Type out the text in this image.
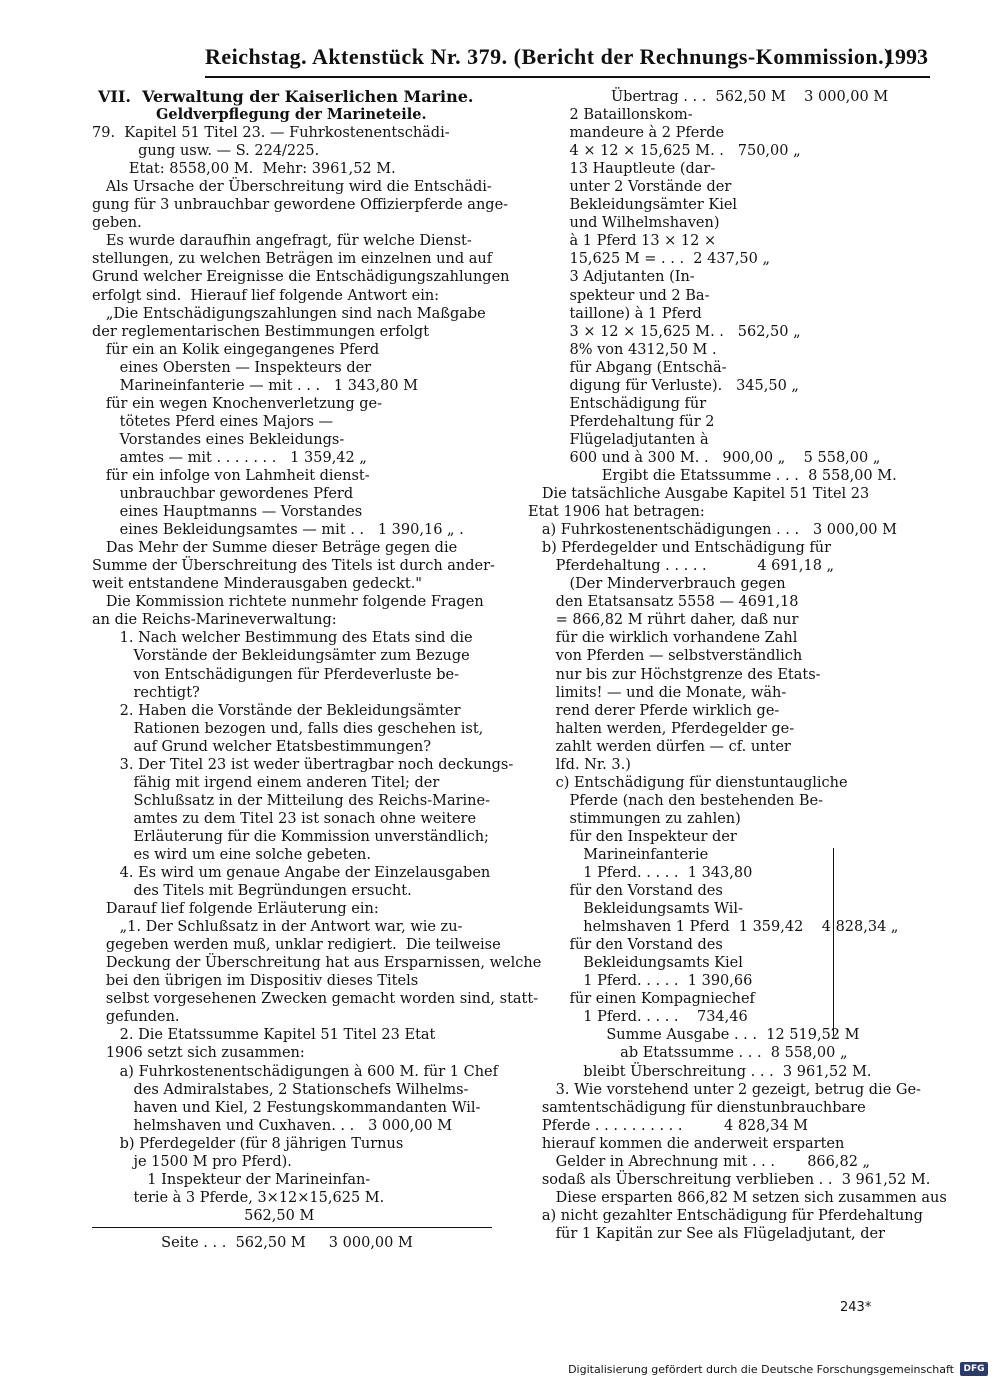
Reichstag. Aktenstück Nr. 379. (Bericht der Rechnungs-Kommission.)
1993
VII.  Verwaltung der Kaiserlichen Marine.
Geldverpflegung der Marineteile.
79.  Kapitel 51 Titel 23. — Fuhrkostenentschädi-
gung usw. — S. 224/225.
Etat: 8558,00 M.  Mehr: 3961,52 M.
Als Ursache der Überschreitung wird die Entschädi-
gung für 3 unbrauchbar gewordene Offizierpferde ange-
geben.
Es wurde daraufhin angefragt, für welche Dienst-
stellungen, zu welchen Beträgen im einzelnen und auf
Grund welcher Ereignisse die Entschädigungszahlungen
erfolgt sind.  Hierauf lief folgende Antwort ein:
„Die Entschädigungszahlungen sind nach Maßgabe
der reglementarischen Bestimmungen erfolgt
für ein an Kolik eingegangenes Pferd
eines Obersten — Inspekteurs der
Marineinfanterie — mit . . .   1 343,80 M
für ein wegen Knochenverletzung ge-
tötetes Pferd eines Majors —
Vorstandes eines Bekleidungs-
amtes — mit . . . . . . .   1 359,42 „
für ein infolge von Lahmheit dienst-
unbrauchbar gewordenes Pferd
eines Hauptmanns — Vorstandes
eines Bekleidungsamtes — mit . .   1 390,16 „ .
Das Mehr der Summe dieser Beträge gegen die
Summe der Überschreitung des Titels ist durch ander-
weit entstandene Minderausgaben gedeckt."
Die Kommission richtete nunmehr folgende Fragen
an die Reichs-Marineverwaltung:
1. Nach welcher Bestimmung des Etats sind die
Vorstände der Bekleidungsämter zum Bezuge
von Entschädigungen für Pferdeverluste be-
rechtigt?
2. Haben die Vorstände der Bekleidungsämter
Rationen bezogen und, falls dies geschehen ist,
auf Grund welcher Etatsbestimmungen?
3. Der Titel 23 ist weder übertragbar noch deckungs-
fähig mit irgend einem anderen Titel; der
Schlußsatz in der Mitteilung des Reichs-Marine-
amtes zu dem Titel 23 ist sonach ohne weitere
Erläuterung für die Kommission unverständlich;
es wird um eine solche gebeten.
4. Es wird um genaue Angabe der Einzelausgaben
des Titels mit Begründungen ersucht.
Darauf lief folgende Erläuterung ein:
„1. Der Schlußsatz in der Antwort war, wie zu-
gegeben werden muß, unklar redigiert.  Die teilweise
Deckung der Überschreitung hat aus Ersparnissen, welche
bei den übrigen im Dispositiv dieses Titels
selbst vorgesehenen Zwecken gemacht worden sind, statt-
gefunden.
2. Die Etatssumme Kapitel 51 Titel 23 Etat
1906 setzt sich zusammen:
a) Fuhrkostenentschädigungen à 600 M. für 1 Chef
des Admiralstabes, 2 Stationschefs Wilhelms-
haven und Kiel, 2 Festungskommandanten Wil-
helmshaven und Cuxhaven. . .   3 000,00 M
b) Pferdegelder (für 8 jährigen Turnus
je 1500 M pro Pferd).
1 Inspekteur der Marineinfan-
terie à 3 Pferde, 3×12×15,625 M.
562,50 M
Seite . . .  562,50 M     3 000,00 M
Übertrag . . .  562,50 M    3 000,00 M
2 Bataillonskom-
mandeure à 2 Pferde
4 × 12 × 15,625 M. .   750,00 „
13 Hauptleute (dar-
unter 2 Vorstände der
Bekleidungsämter Kiel
und Wilhelmshaven)
à 1 Pferd 13 × 12 ×
15,625 M = . . .  2 437,50 „
3 Adjutanten (In-
spekteur und 2 Ba-
taillone) à 1 Pferd
3 × 12 × 15,625 M. .   562,50 „
8% von 4312,50 M .
für Abgang (Entschä-
digung für Verluste).   345,50 „
Entschädigung für
Pferdehaltung für 2
Flügeladjutanten à
600 und à 300 M. .   900,00 „    5 558,00 „
Ergibt die Etatssumme . . .  8 558,00 M.
Die tatsächliche Ausgabe Kapitel 51 Titel 23
Etat 1906 hat betragen:
a) Fuhrkostenentschädigungen . . .   3 000,00 M
b) Pferdegelder und Entschädigung für
Pferdehaltung . . . . .           4 691,18 „
(Der Minderverbrauch gegen
den Etatsansatz 5558 — 4691,18
= 866,82 M rührt daher, daß nur
für die wirklich vorhandene Zahl
von Pferden — selbstverständlich
nur bis zur Höchstgrenze des Etats-
limits! — und die Monate, wäh-
rend derer Pferde wirklich ge-
halten werden, Pferdegelder ge-
zahlt werden dürfen — cf. unter
lfd. Nr. 3.)
c) Entschädigung für dienstuntaugliche
Pferde (nach den bestehenden Be-
stimmungen zu zahlen)
für den Inspekteur der
Marineinfanterie
1 Pferd. . . . .  1 343,80
für den Vorstand des
Bekleidungsamts Wil-
helmshaven 1 Pferd  1 359,42    4 828,34 „
für den Vorstand des
Bekleidungsamts Kiel
1 Pferd. . . . .  1 390,66
für einen Kompagniechef
1 Pferd. . . . .    734,46
Summe Ausgabe . . .  12 519,52 M
ab Etatssumme . . .  8 558,00 „
bleibt Überschreitung . . .  3 961,52 M.
3. Wie vorstehend unter 2 gezeigt, betrug die Ge-
samtentschädigung für dienstunbrauchbare
Pferde . . . . . . . . . .         4 828,34 M
hierauf kommen die anderweit ersparten
Gelder in Abrechnung mit . . .       866,82 „
sodaß als Überschreitung verblieben . .  3 961,52 M.
Diese ersparten 866,82 M setzen sich zusammen aus
a) nicht gezahlter Entschädigung für Pferdehaltung
für 1 Kapitän zur See als Flügeladjutant, der
243*
Digitalisierung gefördert durch die Deutsche Forschungsgemeinschaft	DFG
